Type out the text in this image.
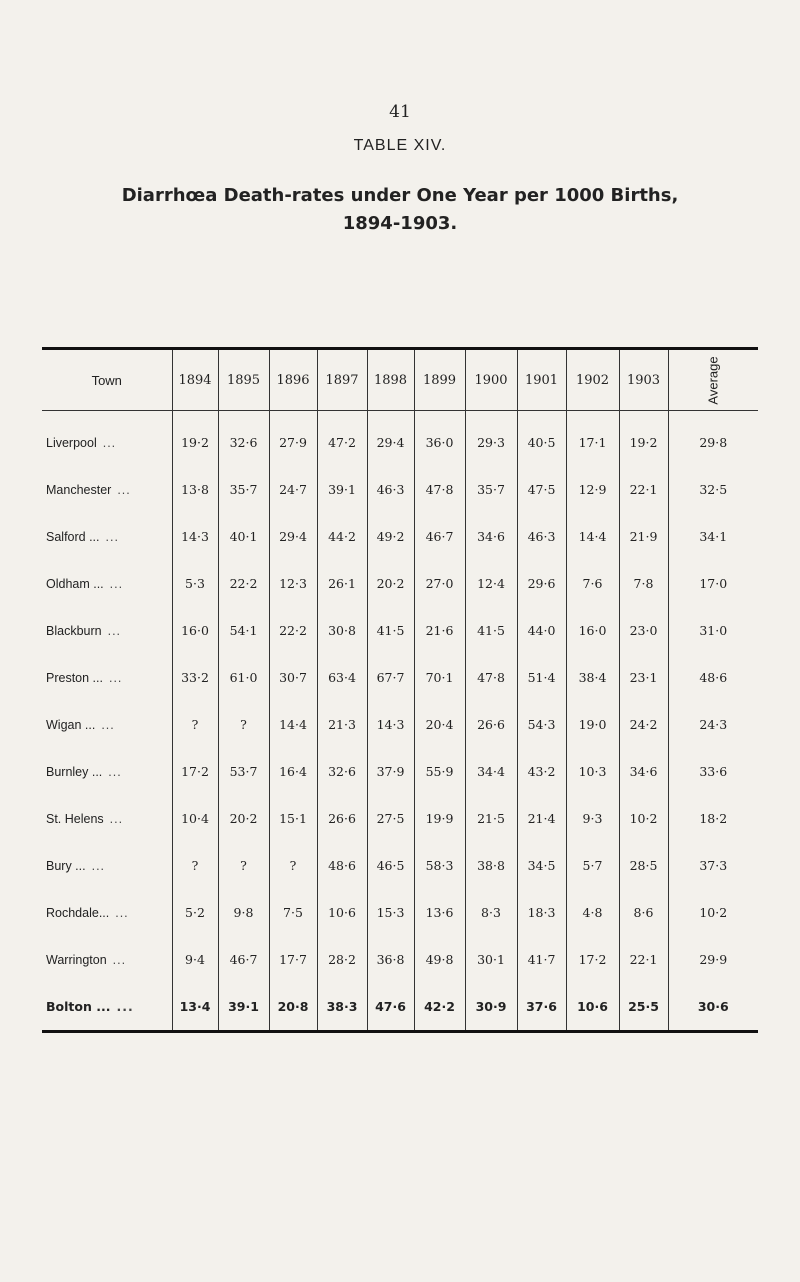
41
TABLE XIV.
Diarrhœa Death-rates under One Year per 1000 Births,
1894-1903.
Town	1894	1895	1896	1897	1898	1899	1900	1901	1902	1903	Average
Liverpool ...	19·2	32·6	27·9	47·2	29·4	36·0	29·3	40·5	17·1	19·2	29·8
Manchester ...	13·8	35·7	24·7	39·1	46·3	47·8	35·7	47·5	12·9	22·1	32·5
Salford ... ...	14·3	40·1	29·4	44·2	49·2	46·7	34·6	46·3	14·4	21·9	34·1
Oldham ... ...	5·3	22·2	12·3	26·1	20·2	27·0	12·4	29·6	7·6	7·8	17·0
Blackburn ...	16·0	54·1	22·2	30·8	41·5	21·6	41·5	44·0	16·0	23·0	31·0
Preston ... ...	33·2	61·0	30·7	63·4	67·7	70·1	47·8	51·4	38·4	23·1	48·6
Wigan ... ...	?	?	14·4	21·3	14·3	20·4	26·6	54·3	19·0	24·2	24·3
Burnley ... ...	17·2	53·7	16·4	32·6	37·9	55·9	34·4	43·2	10·3	34·6	33·6
St. Helens ...	10·4	20·2	15·1	26·6	27·5	19·9	21·5	21·4	9·3	10·2	18·2
Bury ... ...	?	?	?	48·6	46·5	58·3	38·8	34·5	5·7	28·5	37·3
Rochdale... ...	5·2	9·8	7·5	10·6	15·3	13·6	8·3	18·3	4·8	8·6	10·2
Warrington ...	9·4	46·7	17·7	28·2	36·8	49·8	30·1	41·7	17·2	22·1	29·9
Bolton ... ...	13·4	39·1	20·8	38·3	47·6	42·2	30·9	37·6	10·6	25·5	30·6
